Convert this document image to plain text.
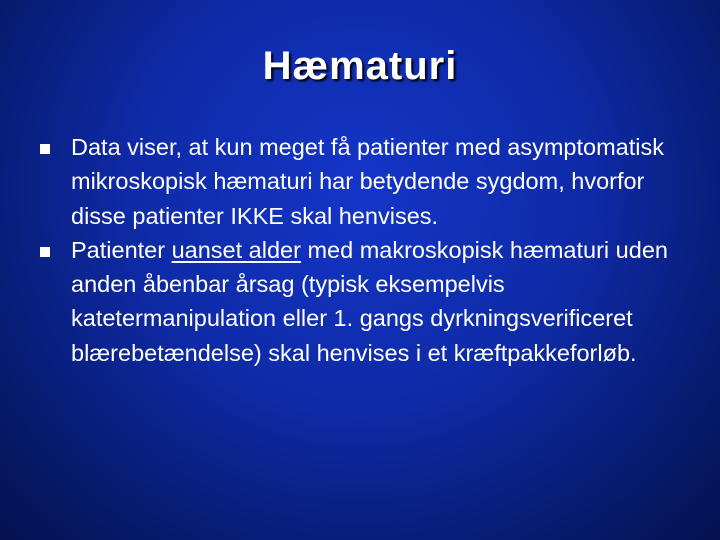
Hæmaturi
Data viser, at kun meget få patienter med asymptomatisk mikroskopisk hæmaturi har betydende sygdom, hvorfor disse patienter IKKE skal henvises.
Patienter uanset alder med makroskopisk hæmaturi uden anden åbenbar årsag (typisk eksempelvis katetermanipulation eller 1. gangs dyrkningsverificeret blærebetændelse) skal henvises i et kræftpakkeforløb.
